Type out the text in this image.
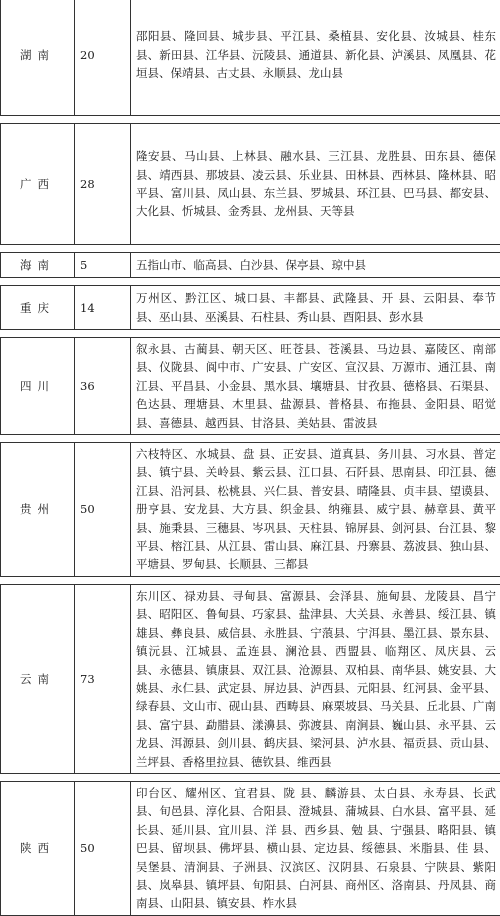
湖南	20	邵阳县、隆回县、城步县、平江县、桑植县、安化县、汝城县、桂东县、新田县、江华县、沅陵县、通道县、新化县、泸溪县、凤凰县、花垣县、保靖县、古丈县、永顺县、龙山县

广西	28	隆安县、马山县、上林县、融水县、三江县、龙胜县、田东县、德保县、靖西县、那坡县、凌云县、乐业县、田林县、西林县、隆林县、昭平县、富川县、凤山县、东兰县、罗城县、环江县、巴马县、都安县、大化县、忻城县、金秀县、龙州县、天等县

海南	5	五指山市、临高县、白沙县、保亭县、琼中县

重庆	14	万州区、黔江区、城口县、丰都县、武隆县、开 县、云阳县、奉节县、巫山县、巫溪县、石柱县、秀山县、酉阳县、彭水县

四川	36	叙永县、古蔺县、朝天区、旺苍县、苍溪县、马边县、嘉陵区、南部县、仪陇县、阆中市、广安县、广安区、宣汉县、万源市、通江县、南江县、平昌县、小金县、黑水县、壤塘县、甘孜县、德格县、石渠县、色达县、理塘县、木里县、盐源县、普格县、布拖县、金阳县、昭觉县、喜德县、越西县、甘洛县、美姑县、雷波县

贵州	50	六枝特区、水城县、盘 县、正安县、道真县、务川县、习水县、普定县、镇宁县、关岭县、紫云县、江口县、石阡县、思南县、印江县、德江县、沿河县、松桃县、兴仁县、普安县、晴隆县、贞丰县、望谟县、册亨县、安龙县、大方县、织金县、纳雍县、威宁县、赫章县、黄平县、施秉县、三穗县、岑巩县、天柱县、锦屏县、剑河县、台江县、黎平县、榕江县、从江县、雷山县、麻江县、丹寨县、荔波县、独山县、平塘县、罗甸县、长顺县、三都县

云南	73	东川区、禄劝县、寻甸县、富源县、会泽县、施甸县、龙陵县、昌宁县、昭阳区、鲁甸县、巧家县、盐津县、大关县、永善县、绥江县、镇雄县、彝良县、威信县、永胜县、宁蒗县、宁洱县、墨江县、景东县、镇沅县、江城县、孟连县、澜沧县、西盟县、临翔区、凤庆县、云 县、永德县、镇康县、双江县、沧源县、双柏县、南华县、姚安县、大姚县、永仁县、武定县、屏边县、泸西县、元阳县、红河县、金平县、绿春县、文山市、砚山县、西畴县、麻栗坡县、马关县、丘北县、广南县、富宁县、勐腊县、漾濞县、弥渡县、南涧县、巍山县、永平县、云龙县、洱源县、剑川县、鹤庆县、梁河县、泸水县、福贡县、贡山县、兰坪县、香格里拉县、德钦县、维西县

陕西	50	印台区、耀州区、宜君县、陇 县、麟游县、太白县、永寿县、长武县、旬邑县、淳化县、合阳县、澄城县、蒲城县、白水县、富平县、延长县、延川县、宜川县、洋 县、西乡县、勉 县、宁强县、略阳县、镇巴县、留坝县、佛坪县、横山县、定边县、绥德县、米脂县、佳 县、吴堡县、清涧县、子洲县、汉滨区、汉阴县、石泉县、宁陕县、紫阳县、岚皋县、镇坪县、旬阳县、白河县、商州区、洛南县、丹凤县、商南县、山阳县、镇安县、柞水县
